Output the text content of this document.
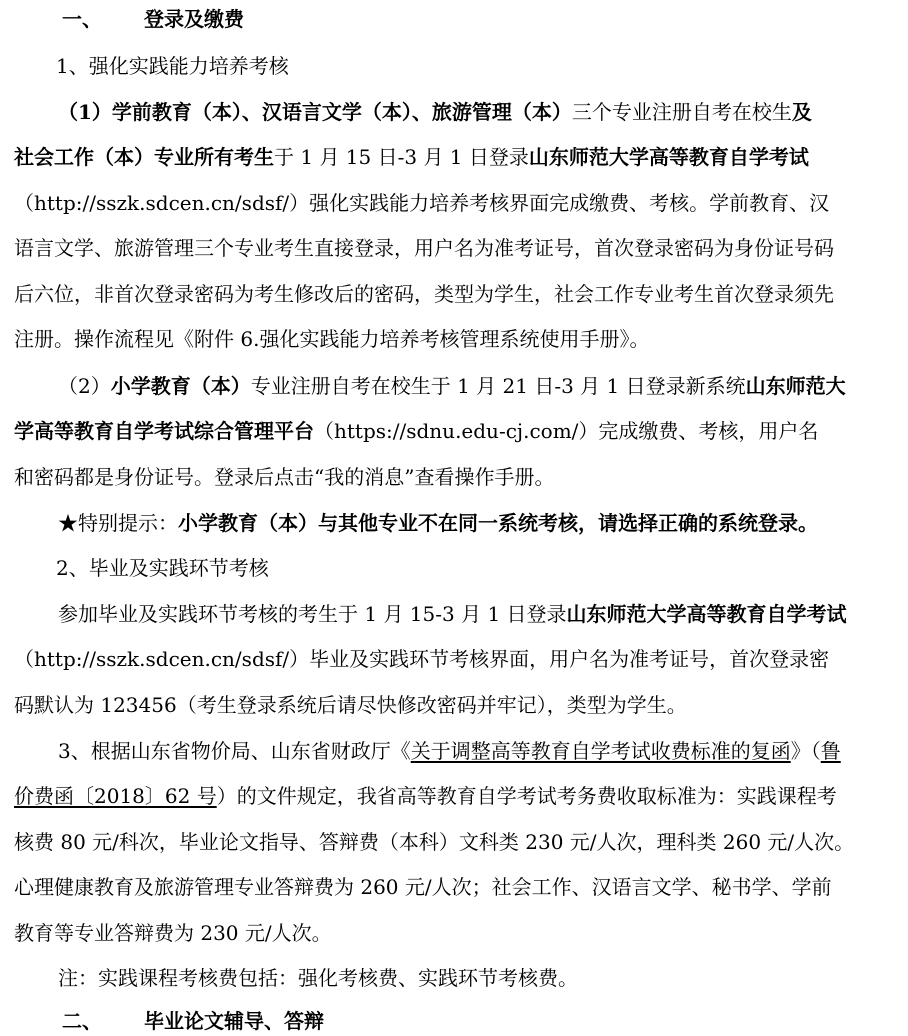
一、 登录及缴费
1、强化实践能力培养考核
（1）学前教育（本）、汉语言文学（本）、旅游管理（本）三个专业注册自考在校生及
社会工作（本）专业所有考生于 1 月 15 日-3 月 1 日登录山东师范大学高等教育自学考试
（http://sszk.sdcen.cn/sdsf/）强化实践能力培养考核界面完成缴费、考核。学前教育、汉
语言文学、旅游管理三个专业考生直接登录，用户名为准考证号，首次登录密码为身份证号码
后六位，非首次登录密码为考生修改后的密码，类型为学生，社会工作专业考生首次登录须先
注册。操作流程见《附件 6.强化实践能力培养考核管理系统使用手册》。
（2）小学教育（本）专业注册自考在校生于 1 月 21 日-3 月 1 日登录新系统山东师范大
学高等教育自学考试综合管理平台（https://sdnu.edu-cj.com/）完成缴费、考核，用户名
和密码都是身份证号。登录后点击“我的消息”查看操作手册。
★特别提示：小学教育（本）与其他专业不在同一系统考核，请选择正确的系统登录。
2、毕业及实践环节考核
参加毕业及实践环节考核的考生于 1 月 15-3 月 1 日登录山东师范大学高等教育自学考试
（http://sszk.sdcen.cn/sdsf/）毕业及实践环节考核界面，用户名为准考证号，首次登录密
码默认为 123456（考生登录系统后请尽快修改密码并牢记），类型为学生。
3、根据山东省物价局、山东省财政厅《关于调整高等教育自学考试收费标准的复函》（鲁
价费函〔2018〕62 号）的文件规定，我省高等教育自学考试考务费收取标准为：实践课程考
核费 80 元/科次，毕业论文指导、答辩费（本科）文科类 230 元/人次，理科类 260 元/人次。
心理健康教育及旅游管理专业答辩费为 260 元/人次；社会工作、汉语言文学、秘书学、学前
教育等专业答辩费为 230 元/人次。
注：实践课程考核费包括：强化考核费、实践环节考核费。
二、 毕业论文辅导、答辩
